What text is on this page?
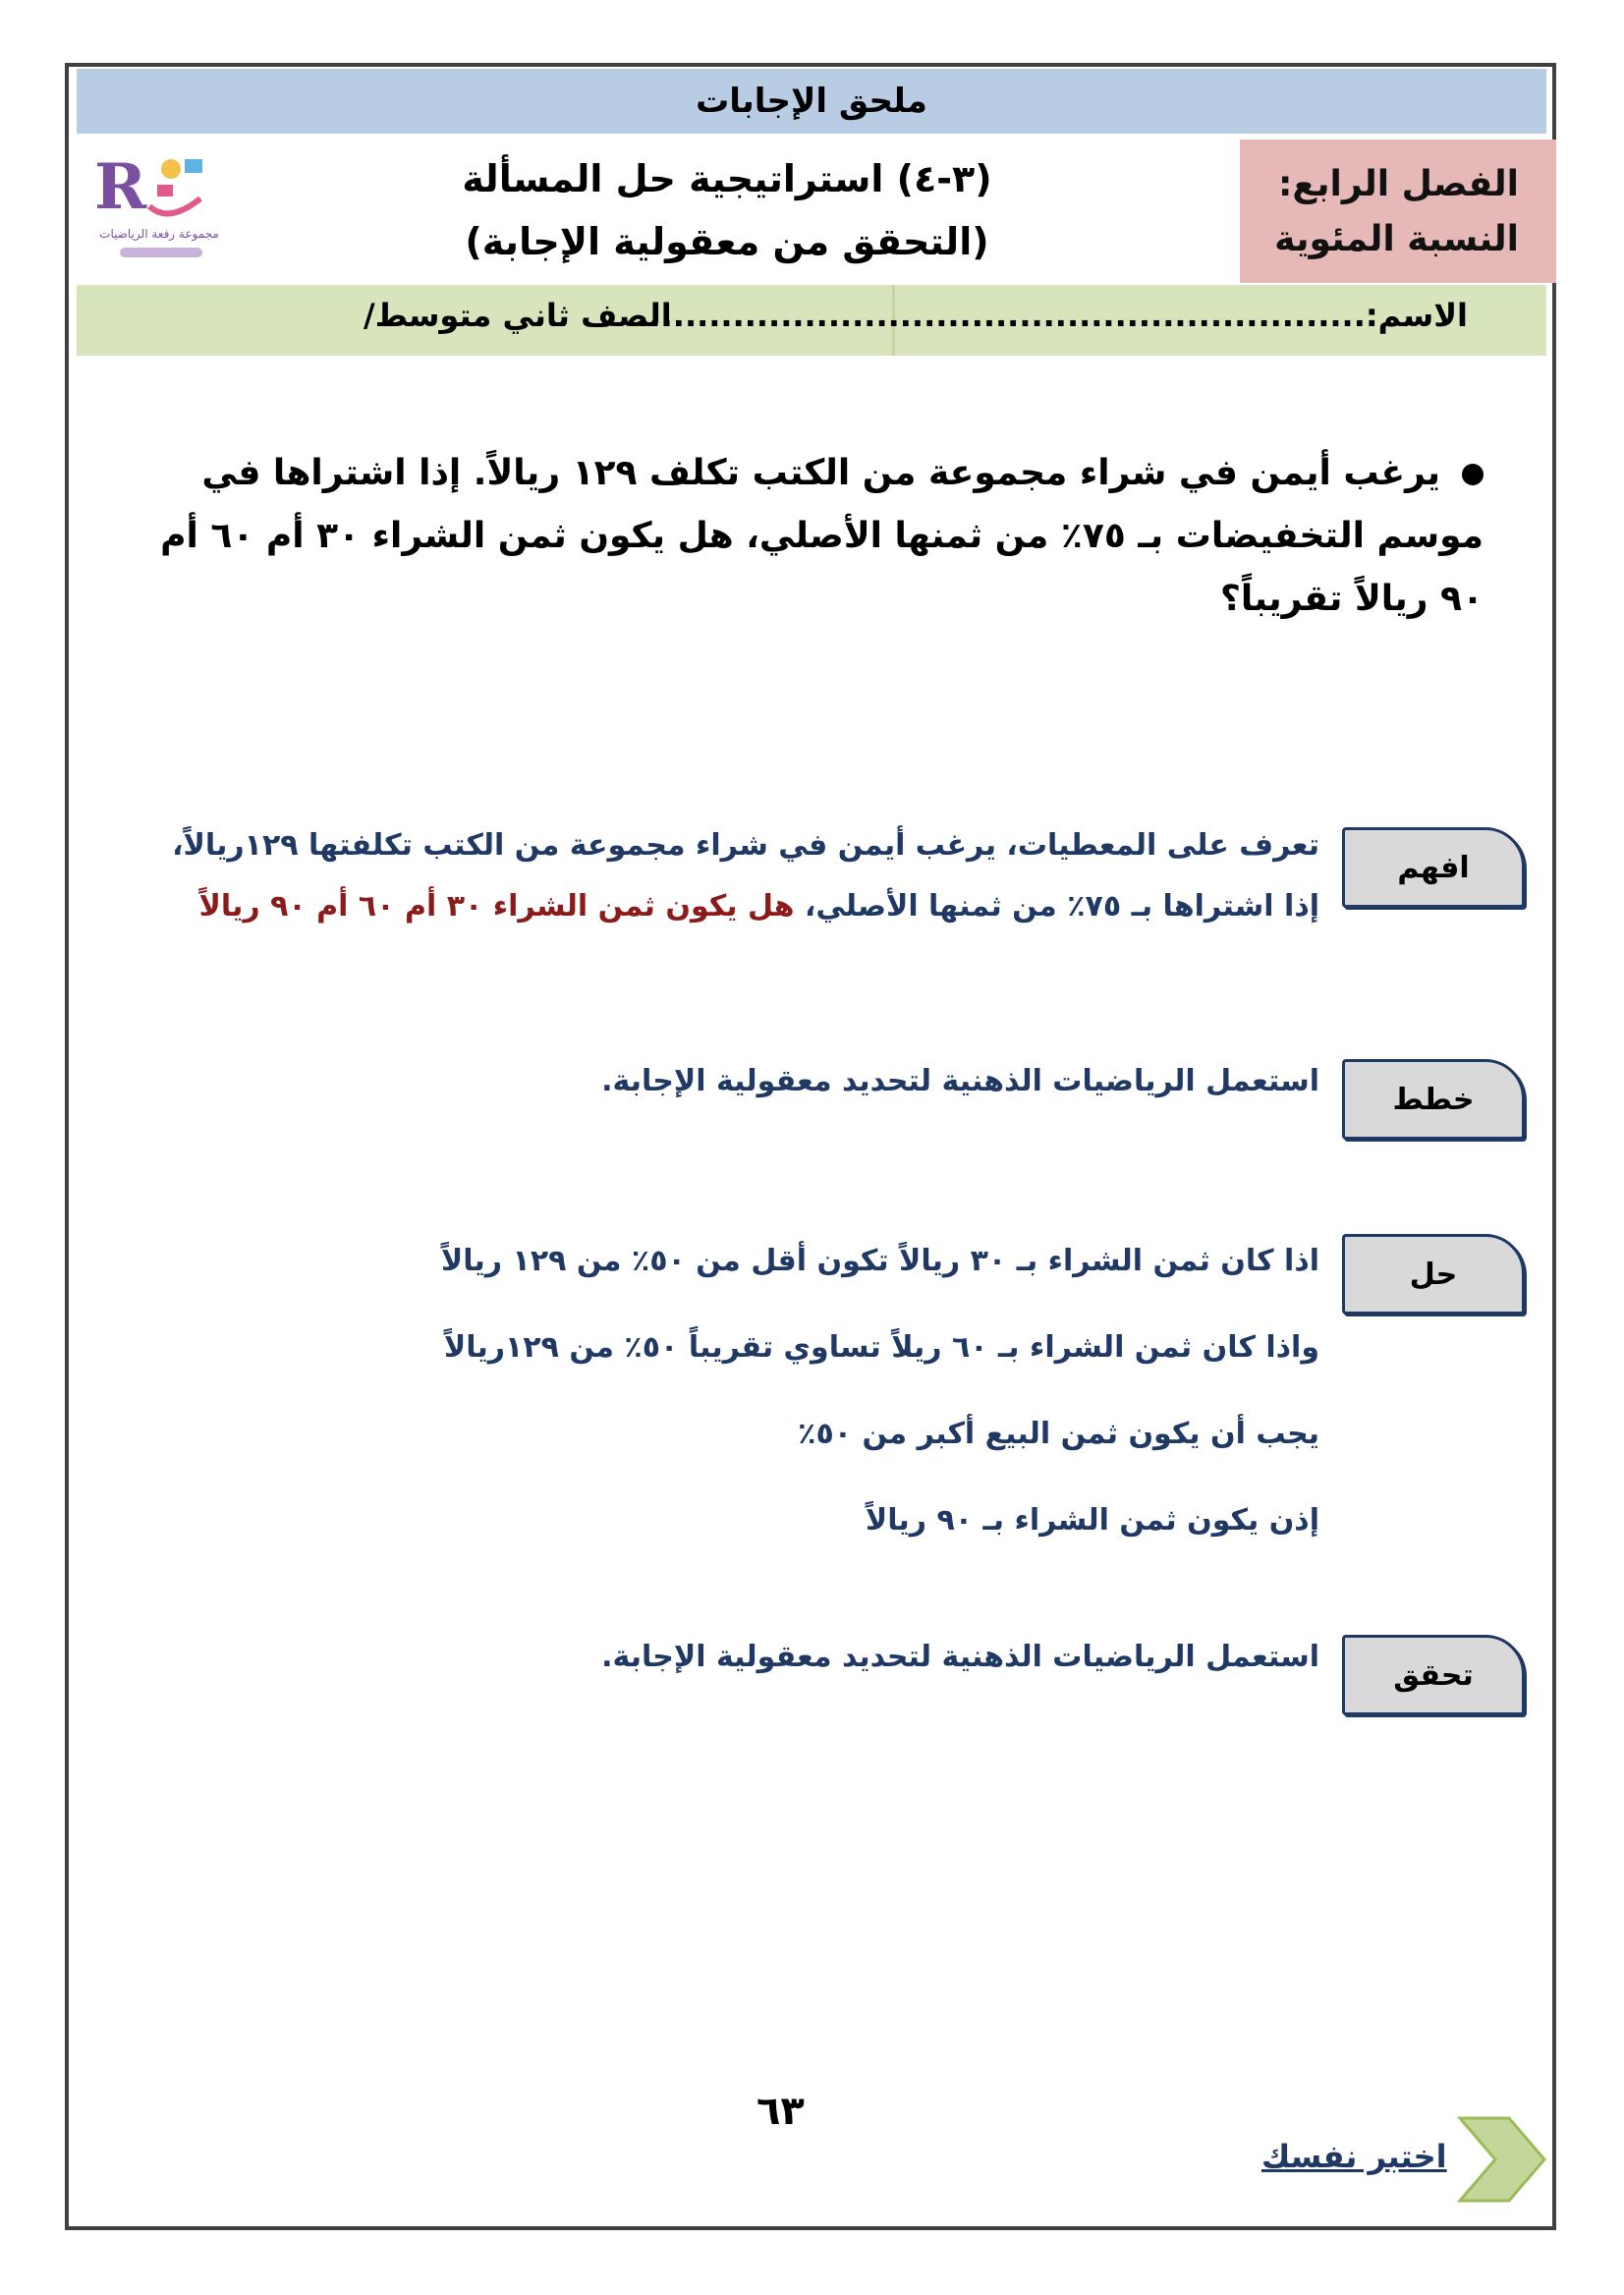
ملحق الإجابات
الفصل الرابع:
النسبة المئوية
(٣-٤) استراتيجية حل المسألة
(التحقق من معقولية الإجابة)
R
مجموعة رفعة الرياضيات
الاسم:.............................................................
الصف ثاني متوسط/
يرغب أيمن في شراء مجموعة من الكتب تكلف ١٢٩ ريالاً. إذا اشتراها في موسم التخفيضات بـ ٧٥٪ من ثمنها الأصلي، هل يكون ثمن الشراء ٣٠ أم ٦٠ أم ٩٠ ريالاً تقريباً؟
افهم
تعرف على المعطيات، يرغب أيمن في شراء مجموعة من الكتب تكلفتها ١٢٩ريالاً،
إذا اشتراها بـ ٧٥٪ من ثمنها الأصلي، هل يكون ثمن الشراء ٣٠ أم ٦٠ أم ٩٠ ريالاً
خطط
استعمل الرياضيات الذهنية لتحديد معقولية الإجابة.
حل
اذا كان ثمن الشراء بـ ٣٠ ريالاً تكون أقل من ٥٠٪ من ١٢٩ ريالاً
واذا كان ثمن الشراء بـ ٦٠ ريلاً تساوي تقريباً ٥٠٪ من ١٢٩ريالاً
يجب أن يكون ثمن البيع أكبر من ٥٠٪
إذن يكون ثمن الشراء بـ ٩٠ ريالاً
تحقق
استعمل الرياضيات الذهنية لتحديد معقولية الإجابة.
٦٣
اختبر نفسك
